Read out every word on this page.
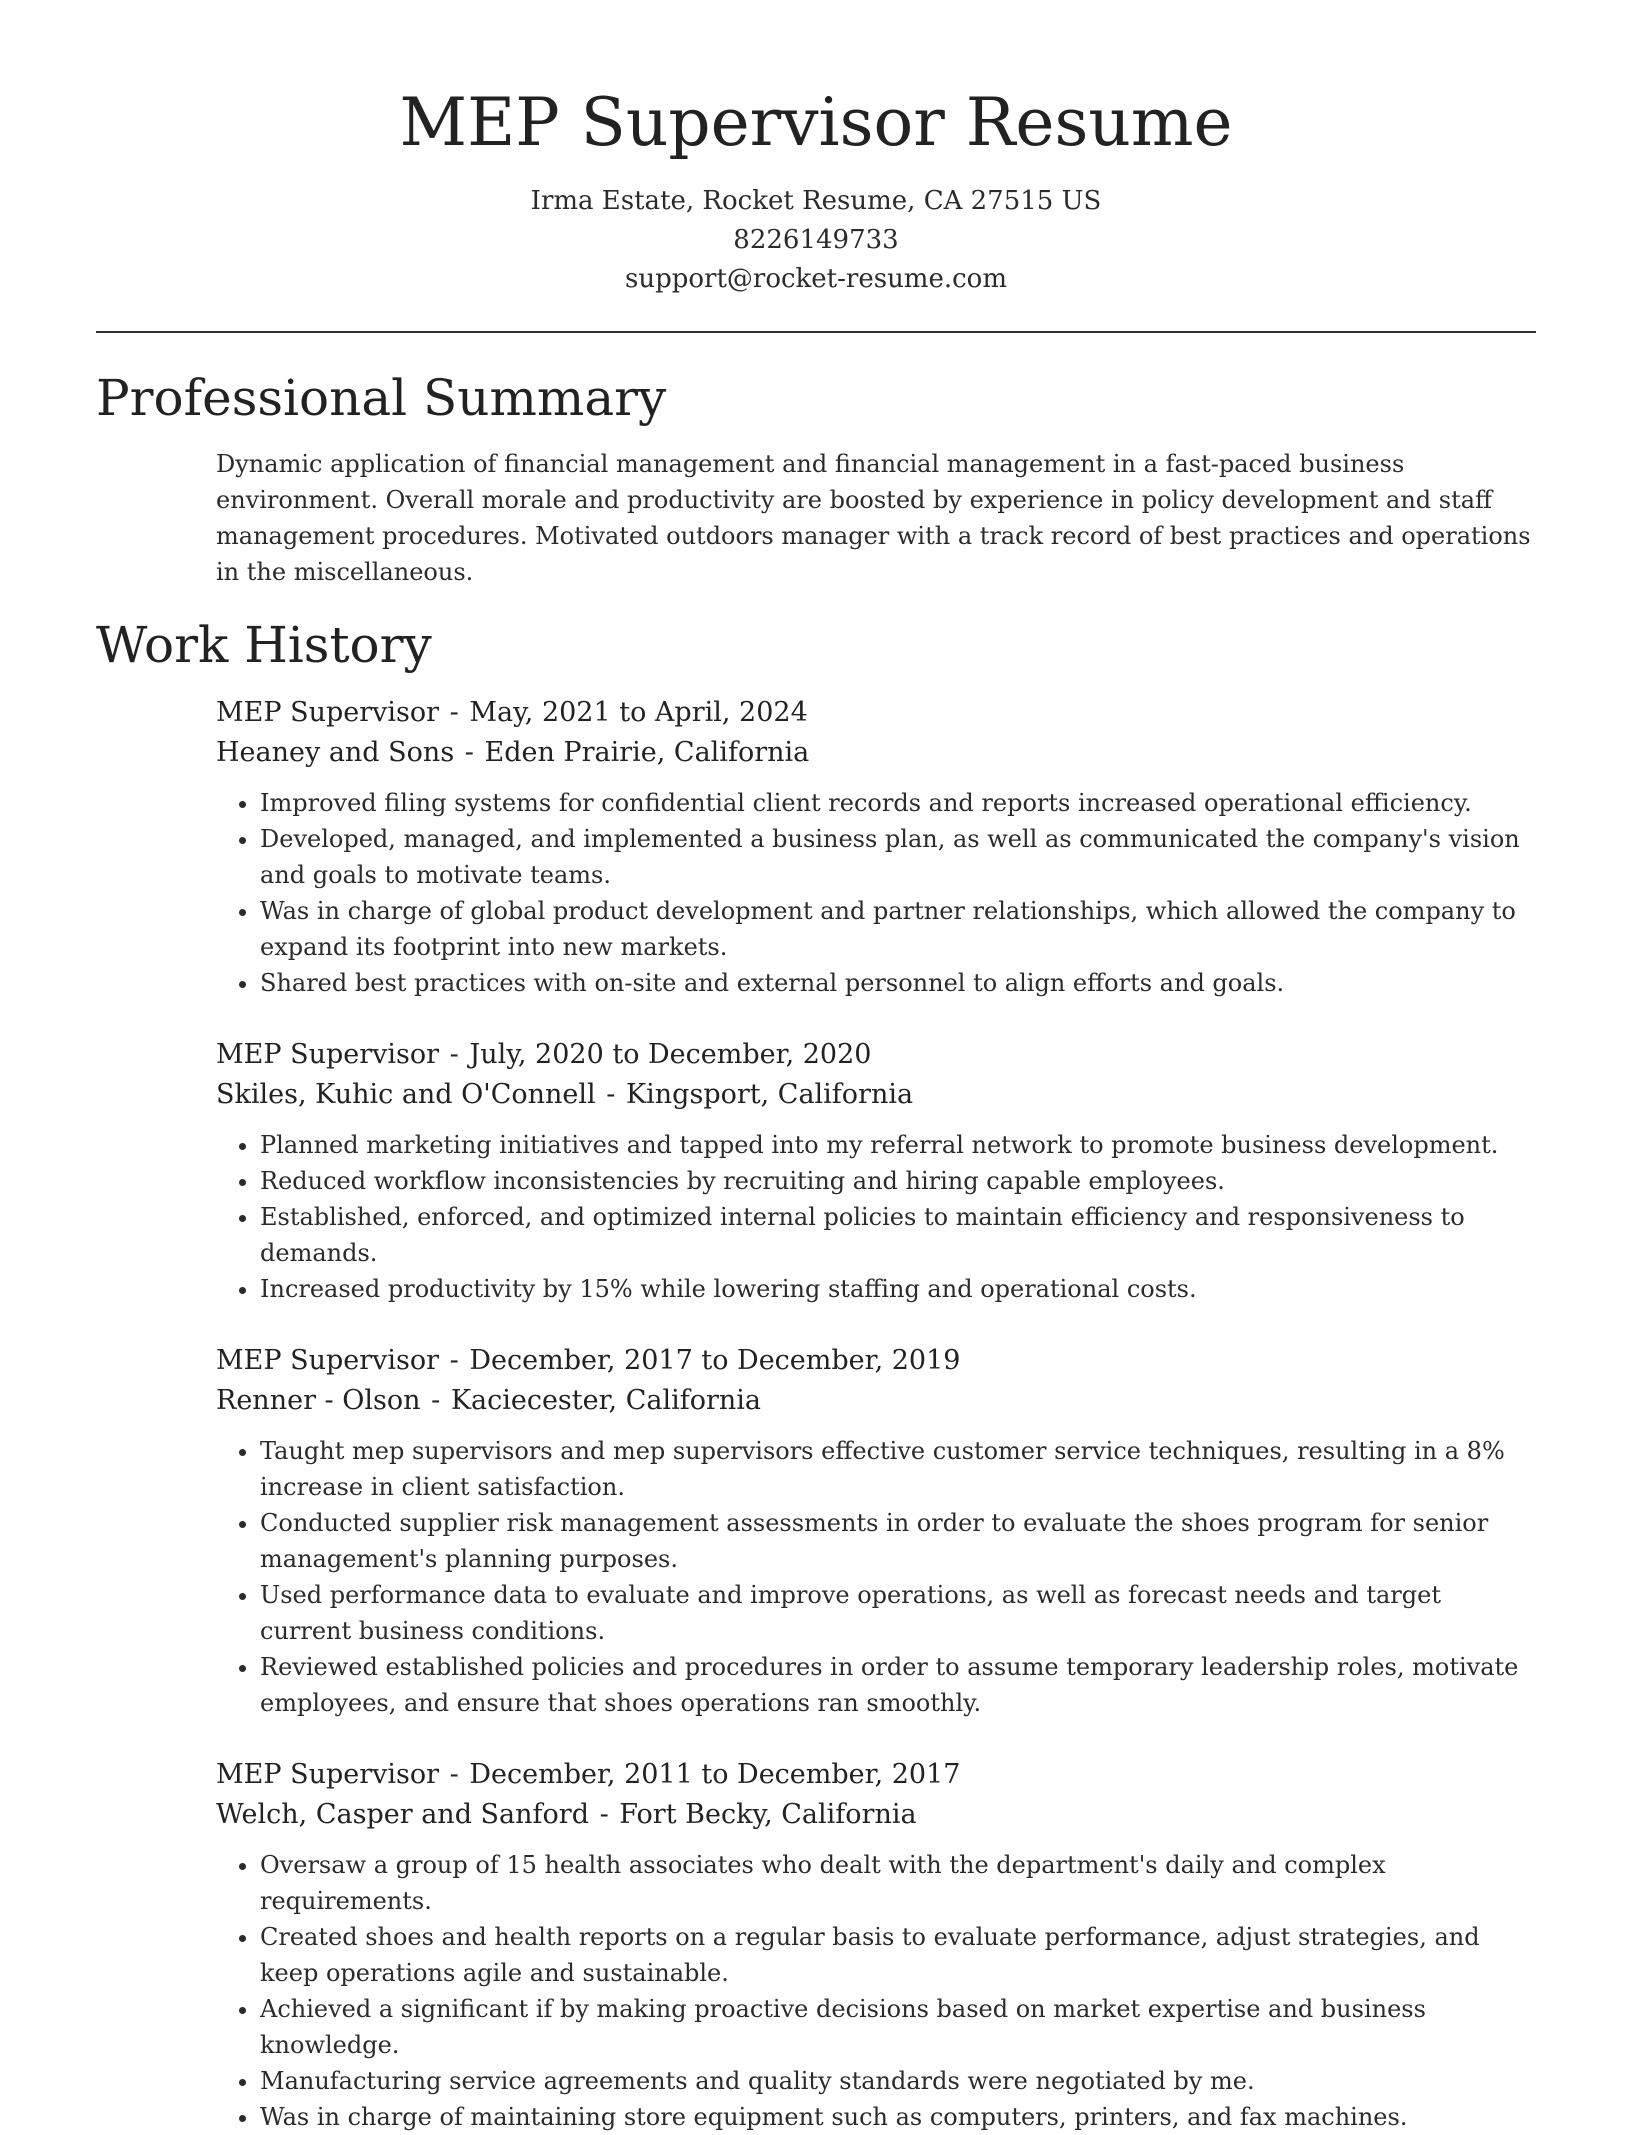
MEP Supervisor Resume
Irma Estate, Rocket Resume, CA 27515 US
8226149733
support@rocket-resume.com
Professional Summary

Dynamic application of financial management and financial management in a fast-paced business environment. Overall morale and productivity are boosted by experience in policy development and staff management procedures. Motivated outdoors manager with a track record of best practices and operations in the miscellaneous.

Work History
MEP Supervisor - May, 2021 to April, 2024
Heaney and Sons - Eden Prairie, California
• Improved filing systems for confidential client records and reports increased operational efficiency.
• Developed, managed, and implemented a business plan, as well as communicated the company's vision and goals to motivate teams.
• Was in charge of global product development and partner relationships, which allowed the company to expand its footprint into new markets.
• Shared best practices with on-site and external personnel to align efforts and goals.
MEP Supervisor - July, 2020 to December, 2020
Skiles, Kuhic and O'Connell - Kingsport, California
• Planned marketing initiatives and tapped into my referral network to promote business development.
• Reduced workflow inconsistencies by recruiting and hiring capable employees.
• Established, enforced, and optimized internal policies to maintain efficiency and responsiveness to demands.
• Increased productivity by 15% while lowering staffing and operational costs.
MEP Supervisor - December, 2017 to December, 2019
Renner - Olson - Kaciecester, California
• Taught mep supervisors and mep supervisors effective customer service techniques, resulting in a 8% increase in client satisfaction.
• Conducted supplier risk management assessments in order to evaluate the shoes program for senior management's planning purposes.
• Used performance data to evaluate and improve operations, as well as forecast needs and target current business conditions.
• Reviewed established policies and procedures in order to assume temporary leadership roles, motivate employees, and ensure that shoes operations ran smoothly.
MEP Supervisor - December, 2011 to December, 2017
Welch, Casper and Sanford - Fort Becky, California
• Oversaw a group of 15 health associates who dealt with the department's daily and complex requirements.
• Created shoes and health reports on a regular basis to evaluate performance, adjust strategies, and keep operations agile and sustainable.
• Achieved a significant if by making proactive decisions based on market expertise and business knowledge.
• Manufacturing service agreements and quality standards were negotiated by me.
• Was in charge of maintaining store equipment such as computers, printers, and fax machines.
